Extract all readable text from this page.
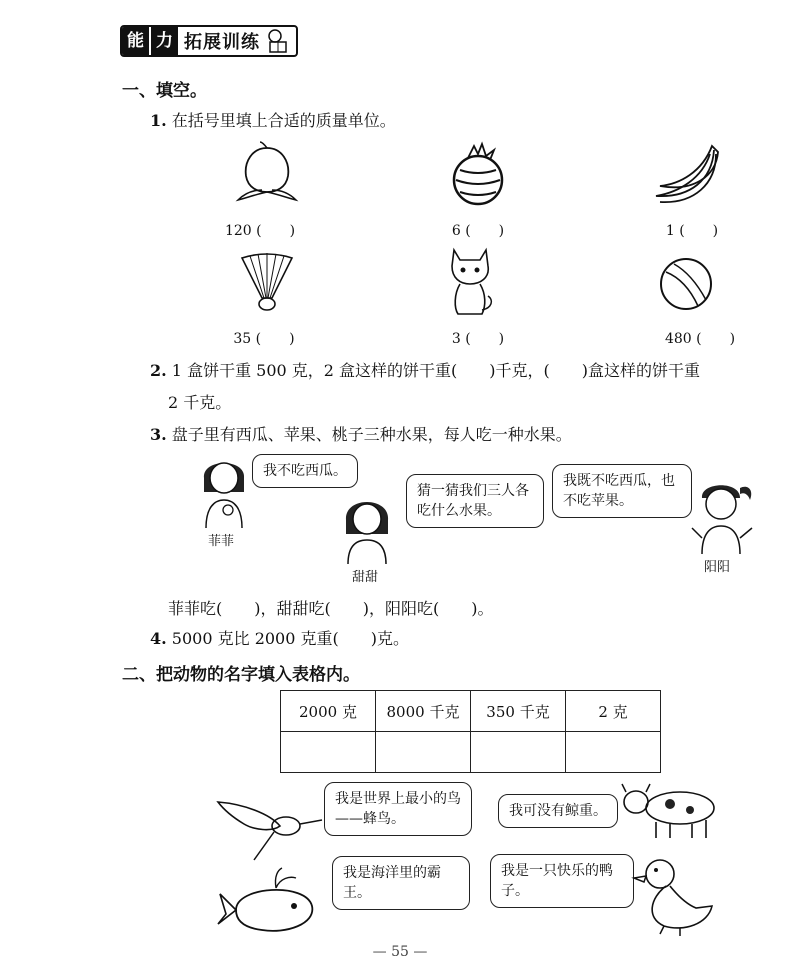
能 力 拓展训练
一、填空。
1. 在括号里填上合适的质量单位。
120 (　　)	6 (　　)	1 (　　)
35 (　　)	3 (　　)	480 (　　)
2. 1 盒饼干重 500 克，2 盒这样的饼干重(　　)千克，(　　)盒这样的饼干重
2 千克。
3. 盘子里有西瓜、苹果、桃子三种水果，每人吃一种水果。
我不吃西瓜。
菲菲
猜一猜我们三人各吃什么水果。
甜甜
我既不吃西瓜，也不吃苹果。
阳阳
菲菲吃(　　)，甜甜吃(　　)，阳阳吃(　　)。
4. 5000 克比 2000 克重(　　)克。
二、把动物的名字填入表格内。
2000 克	8000 千克	350 千克	2 克

我是世界上最小的鸟——蜂鸟。	我可没有鲸重。
我是海洋里的霸王。
我是一只快乐的鸭子。
— 55 —
